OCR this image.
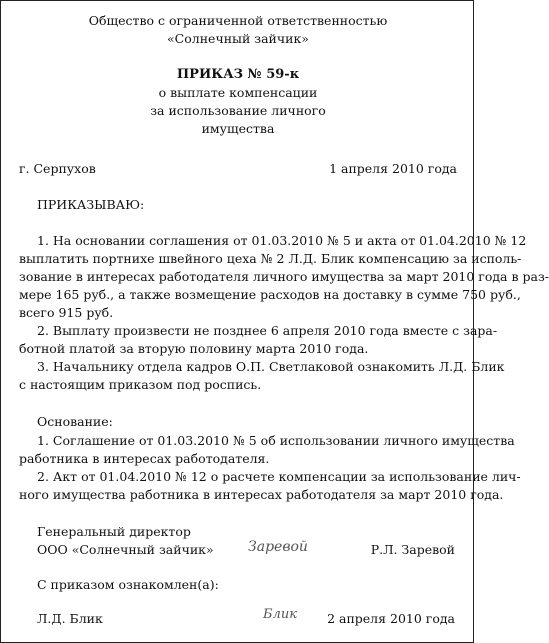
Общество с ограниченной ответственностью
«Солнечный зайчик»
ПРИКАЗ № 59-к
о выплате компенсации
за использование личного
имущества
г. Серпухов	1 апреля 2010 года
ПРИКАЗЫВАЮ:
1. На основании соглашения от 01.03.2010 № 5 и акта от 01.04.2010 № 12
выплатить портнихе швейного цеха № 2 Л.Д. Блик компенсацию за исполь-
зование в интересах работодателя личного имущества за март 2010 года в раз-
мере 165 руб., а также возмещение расходов на доставку в сумме 750 руб.,
всего 915 руб.
2. Выплату произвести не позднее 6 апреля 2010 года вместе с зара-
ботной платой за вторую половину марта 2010 года.
3. Начальнику отдела кадров О.П. Светлаковой ознакомить Л.Д. Блик
с настоящим приказом под роспись.
Основание:
1. Соглашение от 01.03.2010 № 5 об использовании личного имущества
работника в интересах работодателя.
2. Акт от 01.04.2010 № 12 о расчете компенсации за использование лич-
ного имущества работника в интересах работодателя за март 2010 года.
Генеральный директор
ООО «Солнечный зайчик» Заревой	Р.Л. Заревой
С приказом ознакомлен(а):
Л.Д. Блик	Блик 2 апреля 2010 года
